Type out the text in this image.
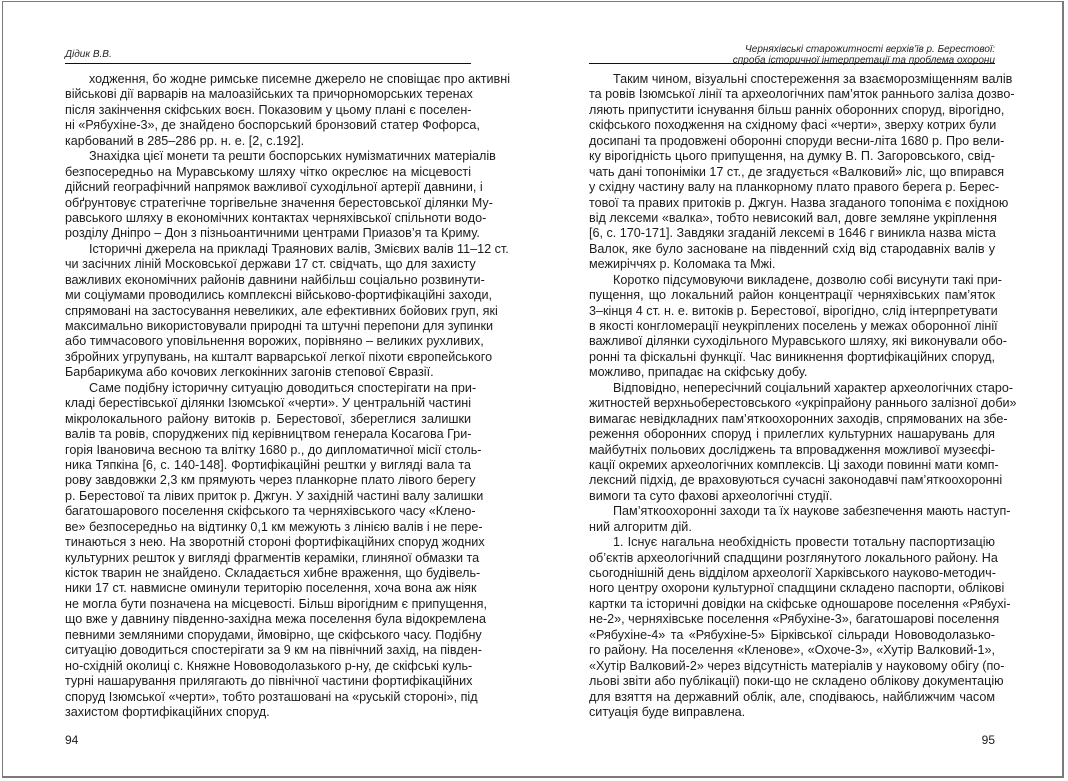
Дідик В.В.
ходження, бо жодне римське писемне джерело не сповіщає про активні
військові дії варварів на малоазійських та причорноморських теренах
після закінчення скіфських воєн. Показовим у цьому плані є поселен-
ні «Рябухіне-3», де знайдено боспорський бронзовий статер Фофорса,
карбований в 285–286 рр. н. е. [2, с.192].
Знахідка цієї монети та решти боспорських нумізматичних матеріалів
безпосередньо на Муравському шляху чітко окреслює на місцевості
дійсний географічний напрямок важливої суходільної артерії давнини, і
обґрунтовує стратегічне торгівельне значення берестовської ділянки Му-
равського шляху в економічних контактах черняхівської спільноти водо-
розділу Дніпро – Дон з пізньоантичними центрами Приазов’я та Криму.
Історичні джерела на прикладі Траянових валів, Змієвих валів 11–12 ст.
чи засічних ліній Московської держави 17 ст. свідчать, що для захисту
важливих економічних районів давнини найбільш соціально розвинути-
ми соціумами проводились комплексні військово-фортифікаційні заходи,
спрямовані на застосування невеликих, але ефективних бойових груп, які
максимально використовували природні та штучні перепони для зупинки
або тимчасового уповільнення ворожих, порівняно – великих рухливих,
збройних угрупувань, на кшталт варварської легкої піхоти європейського
Барбарикума або кочових легкокінних загонів степової Євразії.
Саме подібну історичну ситуацію доводиться спостерігати на при-
кладі берестівської ділянки Ізюмської «черти». У центральній частині
мікролокального району витоків р. Берестової, збереглися залишки
валів та ровів, споруджених під керівництвом генерала Косагова Гри-
горія Івановича весною та влітку 1680 р., до дипломатичної місії столь-
ника Тяпкіна [6, с. 140-148]. Фортифікаційні рештки у вигляді вала та
рову завдовжки 2,3 км прямують через планкорне плато лівого берегу
р. Берестової та лівих приток р. Джгун. У західній частині валу залишки
багатошарового поселення скіфського та черняхівського часу «Кленo-
ве» безпосередньо на відтинку 0,1 км межують з лінією валів і не пере-
тинаються з нею. На зворотній стороні фортифікаційних споруд жодних
культурних решток у вигляді фрагментів кераміки, глиняної обмазки та
кісток тварин не знайдено. Складається хибне враження, що будівель-
ники 17 ст. навмисне оминули територію поселення, хоча вона аж ніяк
не могла бути позначена на місцевості. Більш вірогідним є припущення,
що вже у давнину південно-західна межа поселення була відокремлена
певними земляними спорудами, ймовірно, ще скіфського часу. Подібну
ситуацію доводиться спостерігати за 9 км на північний захід, на півден-
но-східній околиці с. Княжне Нововодолазького р-ну, де скіфські куль-
турні нашарування прилягають до північної частини фортифікаційних
споруд Ізюмської «черти», тобто розташовані на «руській стороні», під
захистом фортифікаційних споруд.
94
Черняхівські старожитності верхів’їв р. Берестової:
спроба історичної інтерпретації та проблема охорони
Таким чином, візуальні спостереження за взаєморозміщенням валів
та ровів Ізюмської лінії та археологічних пам’яток раннього заліза дозво-
ляють припустити існування більш ранніх оборонних споруд, вірогідно,
скіфського походження на східному фасі «черти», зверху котрих були
досипані та продовжені оборонні споруди весни-літа 1680 р. Про вели-
ку вірогідність цього припущення, на думку В. П. Загоровського, свід-
чать дані топоніміки 17 ст., де згадується «Валковий» ліс, що впирався
у східну частину валу на планкорному плато правого берега р. Берес-
тової та правих притоків р. Джгун. Назва згаданого топоніма є похідною
від лексеми «валка», тобто невисокий вал, довге земляне укріплення
[6, с. 170-171]. Завдяки згаданій лексемі в 1646 г виникла назва міста
Валок, яке було засноване на південний схід від стародавніх валів у
межиріччях р. Коломака та Мжі.
Коротко підсумовуючи викладене, дозволю собі висунути такі при-
пущення, що локальний район концентрації черняхівських пам’яток
3–кінця 4 ст. н. е. витоків р. Берестової, вірогідно, слід інтерпретувати
в якості конгломерації неукріплених поселень у межах оборонної лінії
важливої ділянки суходільного Муравського шляху, які виконували обо-
ронні та фіскальні функції. Час виникнення фортифікаційних споруд,
можливо, припадає на скіфську добу.
Відповідно, непересічний соціальний характер археологічних старо-
житностей верхньоберестовського «укріпрайону раннього залізної доби»
вимагає невідкладних пам’яткоохоронних заходів, спрямованих на збе-
реження оборонних споруд і прилеглих культурних нашарувань для
майбутніх польових досліджень та впровадження можливої музеєфі-
кації окремих археологічних комплексів. Ці заходи повинні мати комп-
лексний підхід, де враховуються сучасні законодавчі пам’яткоохоронні
вимоги та суто фахові археологічні студії.
Пам’яткоохоронні заходи та їх наукове забезпечення мають наступ-
ний алгоритм дій.
1. Існує нагальна необхідність провести тотальну паспортизацію
об’єктів археологічний спадщини розглянутого локального району. На
сьогоднішній день відділом археології Харківського науково-методич-
ного центру охорони культурної спадщини складено паспорти, облікові
картки та історичні довідки на скіфське одношарове поселення «Рябухі-
не-2», черняхівське поселення «Рябухіне-3», багатошарові поселення
«Рябухіне-4» та «Рябухіне-5» Бірківської сільради Нововодолазько-
го району. На поселення «Кленове», «Охоче-3», «Хутір Валковий-1»,
«Хутір Валковий-2» через відсутність матеріалів у науковому обігу (по-
льові звіти або публікації) поки-що не складено облікову документацію
для взяття на державний облік, але, сподіваюсь, найближчим часом
ситуація буде виправлена.
95
